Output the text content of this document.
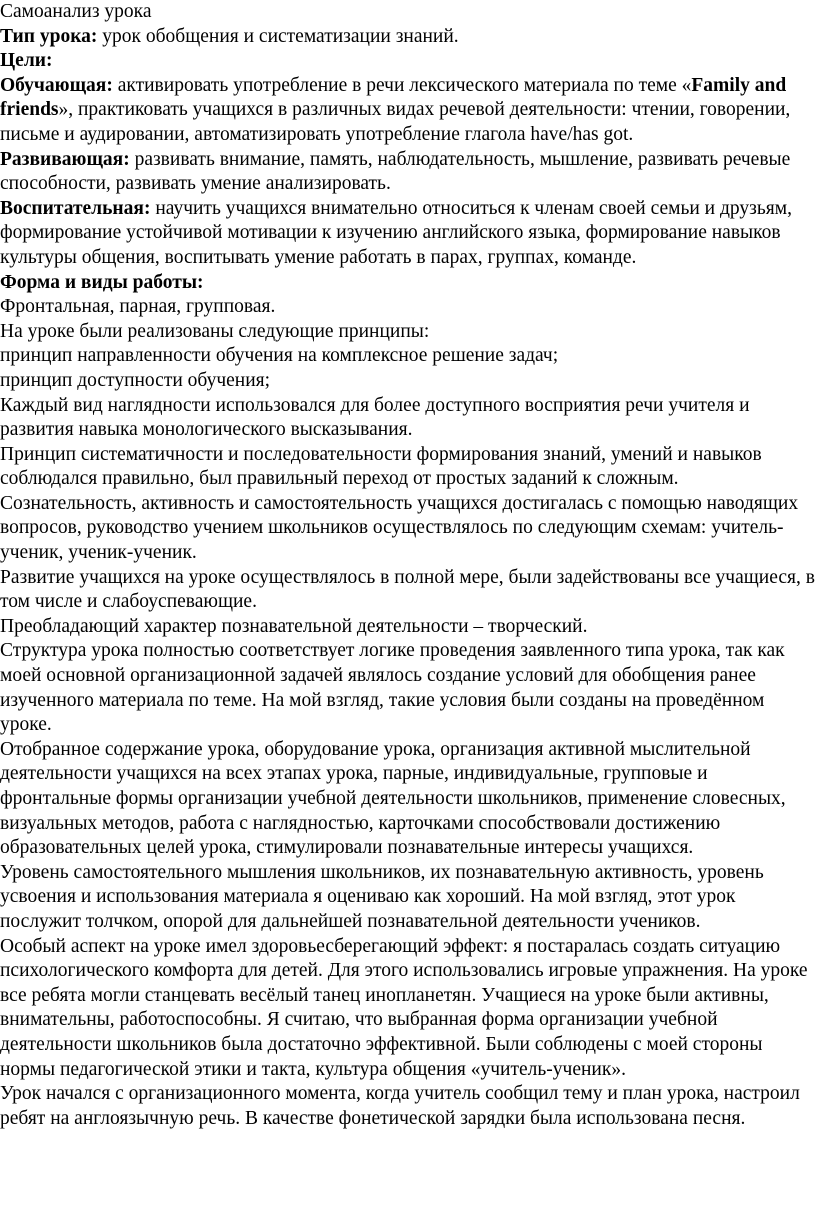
Самоанализ урока

Тип урока: урок обобщения и систематизации знаний.

Цели:

Обучающая: активировать употребление в речи лексического материала по теме «Family and friends», практиковать учащихся в различных видах речевой деятельности: чтении, говорении, письме и аудировании, автоматизировать употребление глагола have/has got.

Развивающая: развивать внимание, память, наблюдательность, мышление, развивать речевые способности, развивать умение анализировать.

Воспитательная: научить учащихся внимательно относиться к членам своей семьи и друзьям, формирование устойчивой мотивации к изучению английского языка, формирование навыков культуры общения, воспитывать умение работать в парах, группах, команде.

Форма и виды работы:

Фронтальная, парная, групповая.

На уроке были реализованы следующие принципы:

принцип направленности обучения на комплексное решение задач;

принцип доступности обучения;

Каждый вид наглядности использовался для более доступного восприятия речи учителя и развития навыка монологического высказывания.

Принцип систематичности и последовательности формирования знаний, умений и навыков соблюдался правильно, был правильный переход от простых заданий к сложным.

Сознательность, активность и самостоятельность учащихся достигалась с помощью наводящих вопросов, руководство учением школьников осуществлялось по следующим схемам: учитель-ученик, ученик-ученик.

Развитие учащихся на уроке осуществлялось в полной мере, были задействованы все учащиеся, в том числе и слабоуспевающие.

Преобладающий характер познавательной деятельности – творческий.

Структура урока полностью соответствует логике проведения заявленного типа урока, так как моей основной организационной задачей являлось создание условий для обобщения ранее изученного материала по теме. На мой взгляд, такие условия были созданы на проведённом уроке.

Отобранное содержание урока, оборудование урока, организация активной мыслительной деятельности учащихся на всех этапах урока, парные, индивидуальные, групповые и фронтальные формы организации учебной деятельности школьников, применение словесных, визуальных методов, работа с наглядностью, карточками способствовали достижению образовательных целей урока, стимулировали познавательные интересы учащихся.

Уровень самостоятельного мышления школьников, их познавательную активность, уровень усвоения и использования материала я оцениваю как хороший. На мой взгляд, этот урок послужит толчком, опорой для дальнейшей познавательной деятельности учеников.

Особый аспект на уроке имел здоровьесберегающий эффект: я постаралась создать ситуацию психологического комфорта для детей. Для этого использовались игровые упражнения. На уроке все ребята могли станцевать весёлый танец инопланетян. Учащиеся на уроке были активны, внимательны, работоспособны. Я считаю, что выбранная форма организации учебной деятельности школьников была достаточно эффективной. Были соблюдены с моей стороны нормы педагогической этики и такта, культура общения «учитель-ученик».

Урок начался с организационного момента, когда учитель сообщил тему и план урока, настроил ребят на англоязычную речь. В качестве фонетической зарядки была использована песня.
